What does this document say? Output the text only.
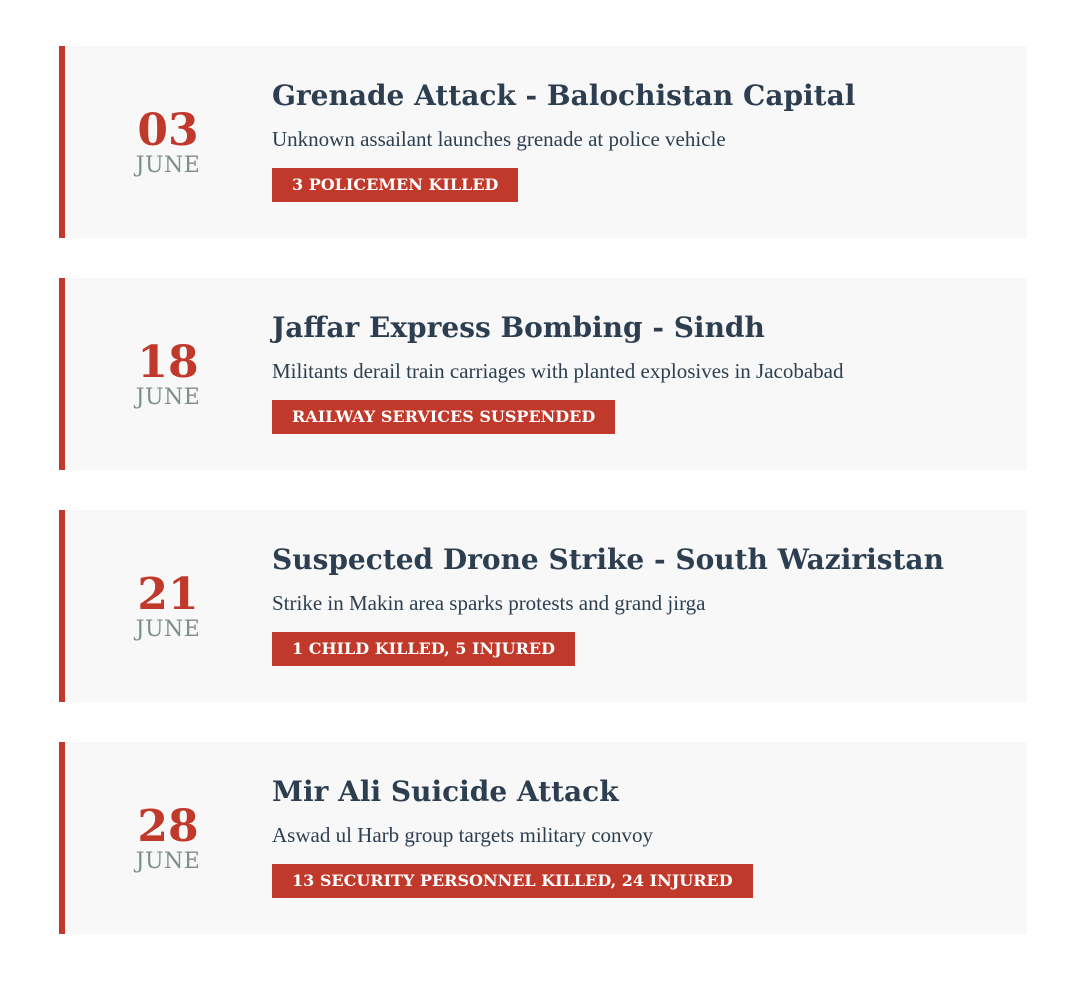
03
JUNE
Grenade Attack - Balochistan Capital
Unknown assailant launches grenade at police vehicle
3 POLICEMEN KILLED
18
JUNE
Jaffar Express Bombing - Sindh
Militants derail train carriages with planted explosives in Jacobabad
RAILWAY SERVICES SUSPENDED
21
JUNE
Suspected Drone Strike - South Waziristan
Strike in Makin area sparks protests and grand jirga
1 CHILD KILLED, 5 INJURED
28
JUNE
Mir Ali Suicide Attack
Aswad ul Harb group targets military convoy
13 SECURITY PERSONNEL KILLED, 24 INJURED
